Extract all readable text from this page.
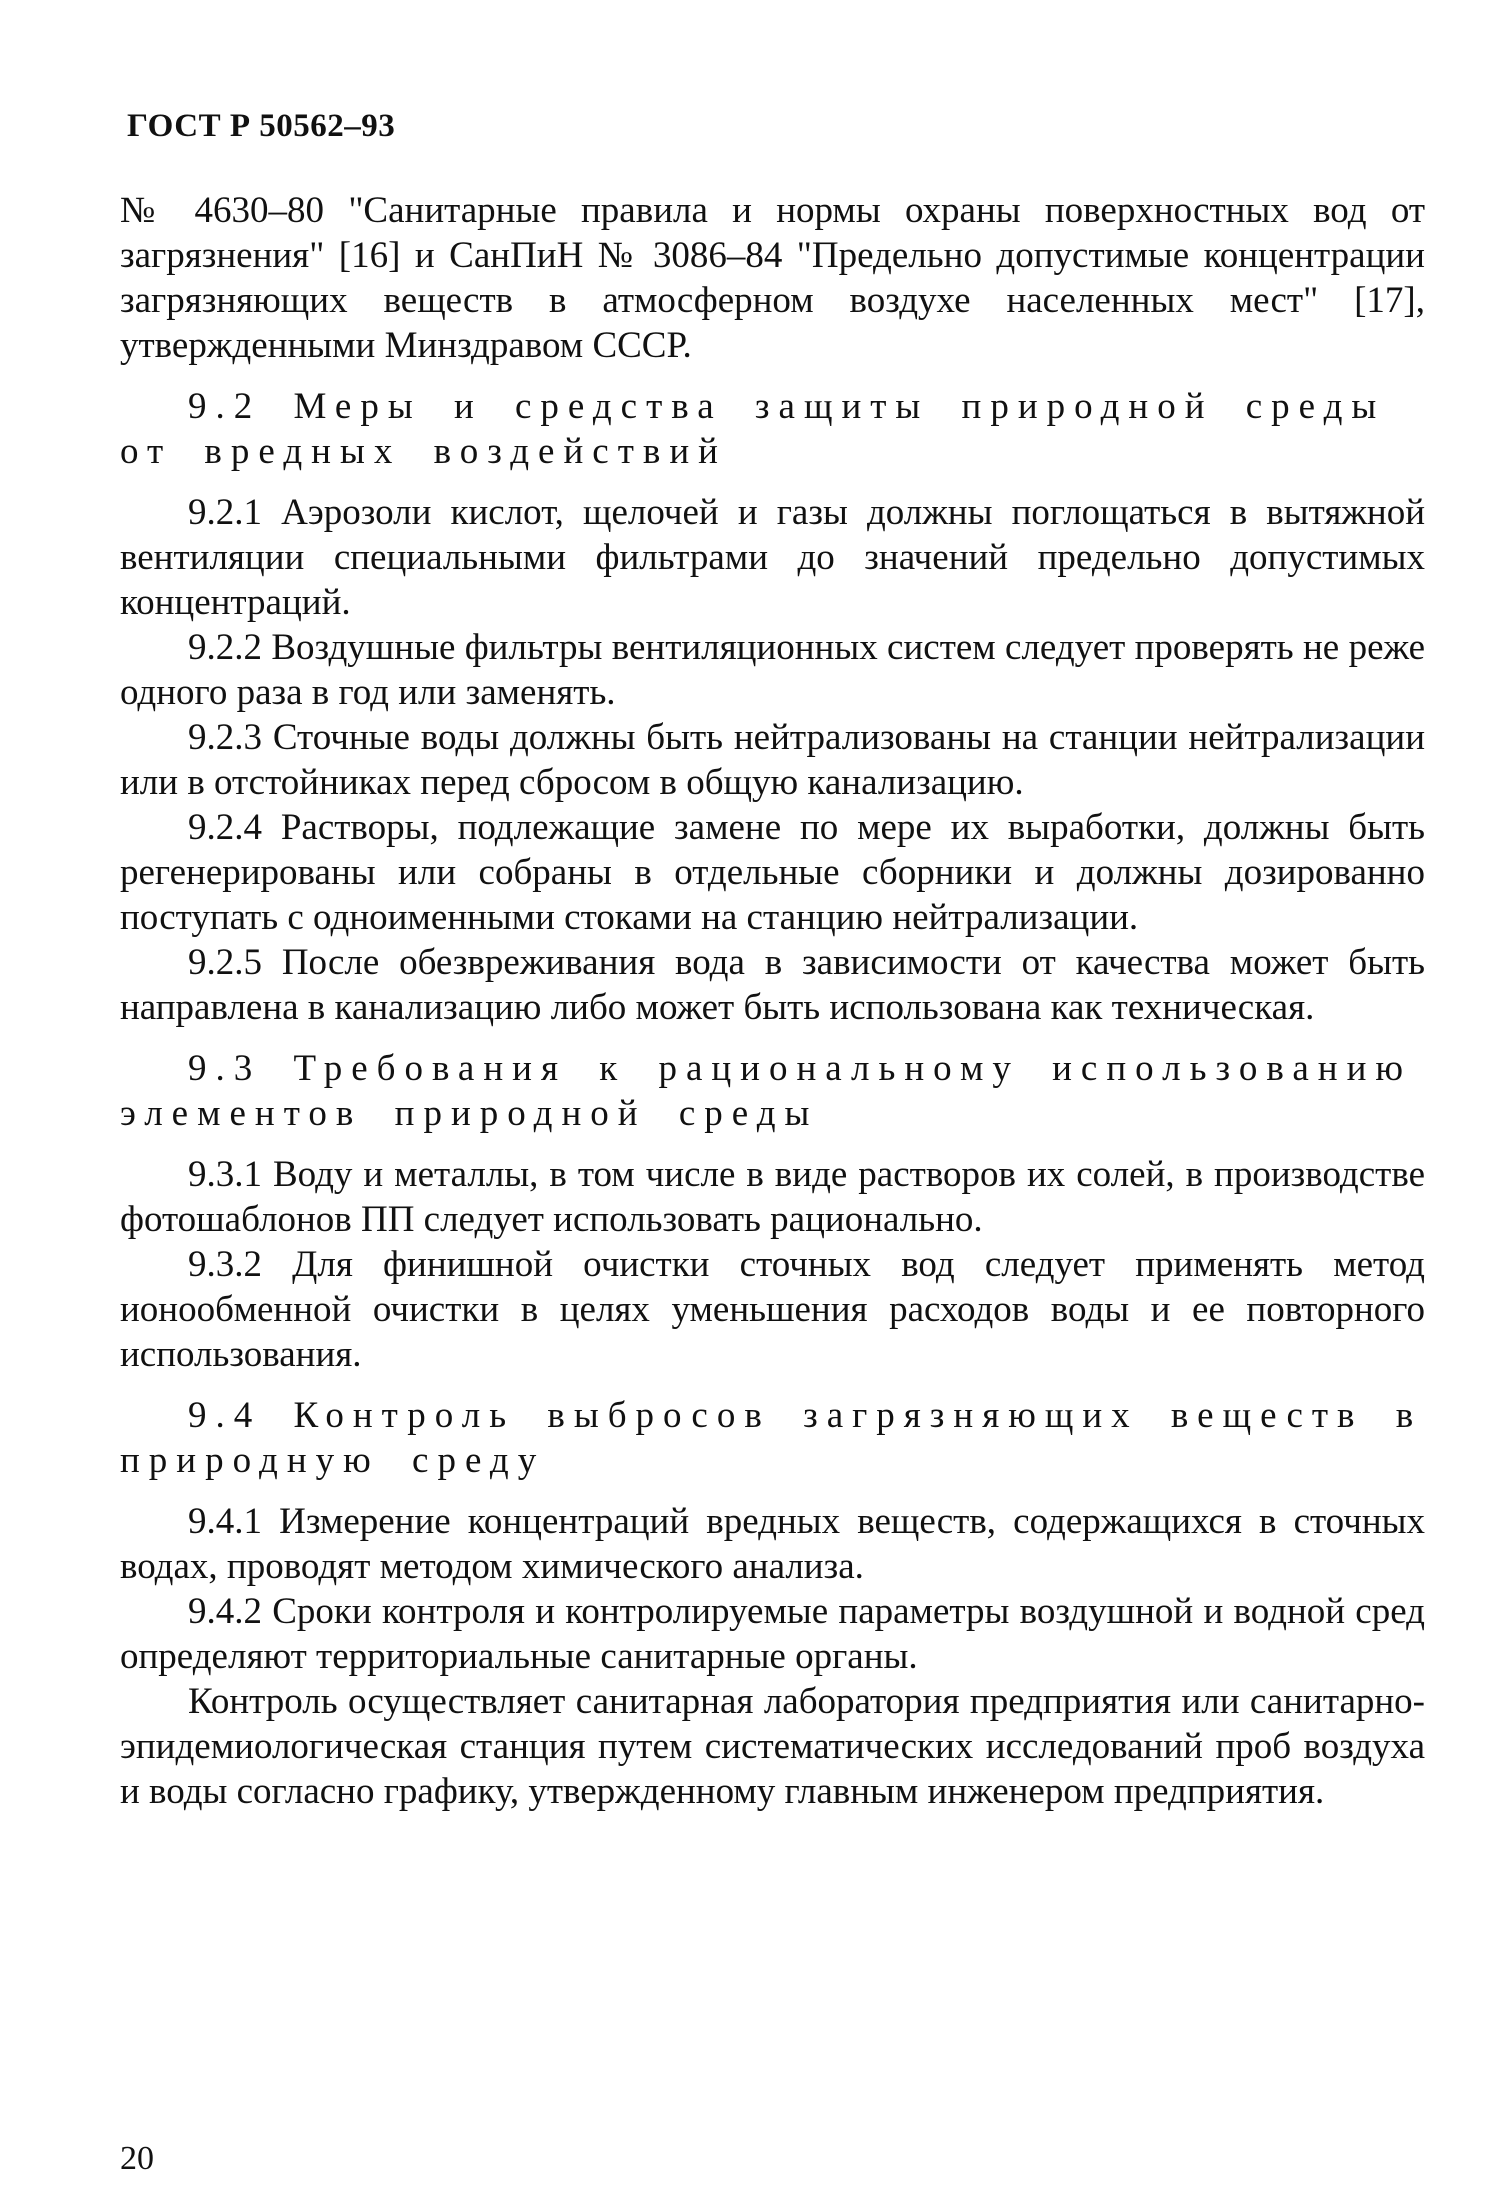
ГОСТ Р 50562–93

№ 4630–80 "Санитарные правила и нормы охраны поверхностных вод от загрязнения" [16] и СанПиН № 3086–84 "Предельно допустимые концентрации загрязняющих веществ в атмосферном воздухе населенных мест" [17], утвержденными Минздравом СССР.

9.2 Меры и средства защиты природной среды от вредных воздействий

9.2.1 Аэрозоли кислот, щелочей и газы должны поглощаться в вытяжной вентиляции специальными фильтрами до значений предельно допустимых концентраций.

9.2.2 Воздушные фильтры вентиляционных систем следует проверять не реже одного раза в год или заменять.

9.2.3 Сточные воды должны быть нейтрализованы на станции нейтрализации или в отстойниках перед сбросом в общую канализацию.

9.2.4 Растворы, подлежащие замене по мере их выработки, должны быть регенерированы или собраны в отдельные сборники и должны дозированно поступать с одноименными стоками на станцию нейтрализации.

9.2.5 После обезвреживания вода в зависимости от качества может быть направлена в канализацию либо может быть использована как техническая.

9.3 Требования к рациональному использованию элементов природной среды

9.3.1 Воду и металлы, в том числе в виде растворов их солей, в производстве фотошаблонов ПП следует использовать рационально.

9.3.2 Для финишной очистки сточных вод следует применять метод ионообменной очистки в целях уменьшения расходов воды и ее повторного использования.

9.4 Контроль выбросов загрязняющих веществ в природную среду

9.4.1 Измерение концентраций вредных веществ, содержащихся в сточных водах, проводят методом химического анализа.

9.4.2 Сроки контроля и контролируемые параметры воздушной и водной сред определяют территориальные санитарные органы.

Контроль осуществляет санитарная лаборатория предприятия или санитарно-эпидемиологическая станция путем систематических исследований проб воздуха и воды согласно графику, утвержденному главным инженером предприятия.

20
